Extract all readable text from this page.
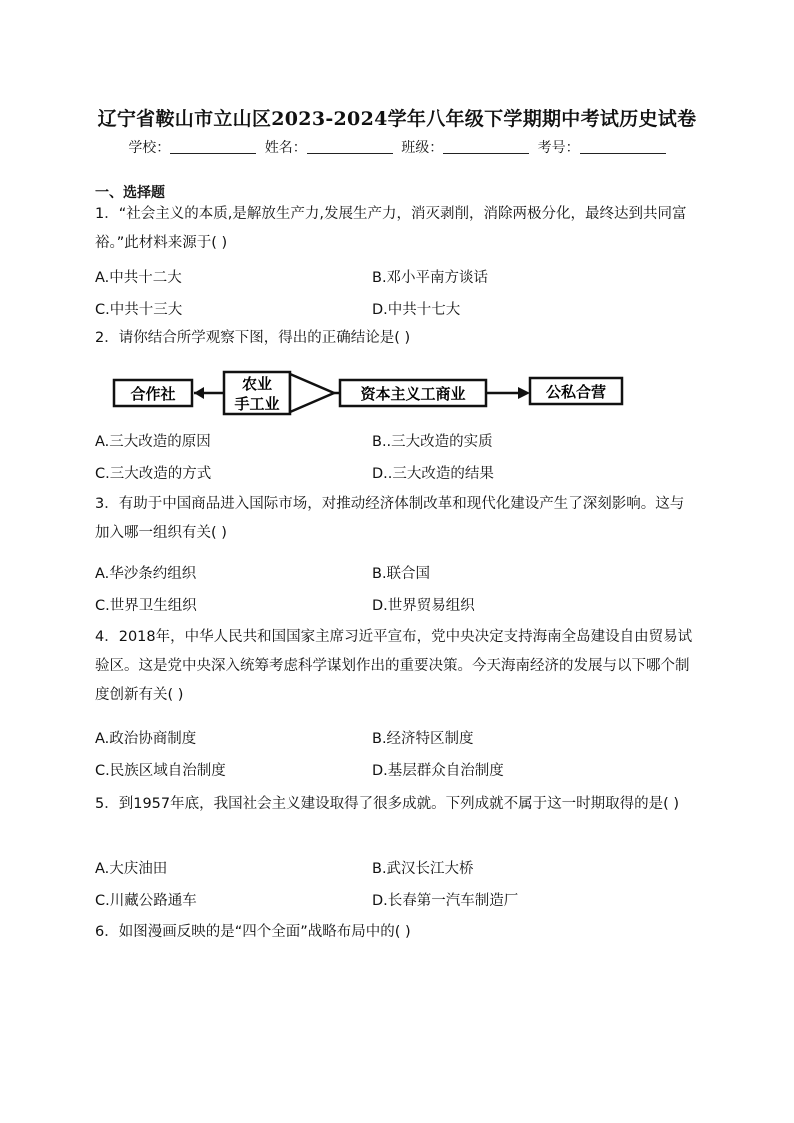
辽宁省鞍山市立山区2023-2024学年八年级下学期期中考试历史试卷
学校：	姓名：	班级：	考号：
一、选择题
1．“社会主义的本质,是解放生产力,发展生产力，消灭剥削，消除两极分化，最终达到共同富裕。”此材料来源于( )
A.中共十二大	B.邓小平南方谈话
C.中共十三大	D.中共十七大
2．请你结合所学观察下图，得出的正确结论是( )
合作社
农业
手工业
资本主义工商业	公私合营
A.三大改造的原因	B..三大改造的实质
C.三大改造的方式	D..三大改造的结果
3．有助于中国商品进入国际市场，对推动经济体制改革和现代化建设产生了深刻影响。这与加入哪一组织有关( )
A.华沙条约组织	B.联合国
C.世界卫生组织	D.世界贸易组织
4．2018年，中华人民共和国国家主席习近平宣布，党中央决定支持海南全岛建设自由贸易试验区。这是党中央深入统筹考虑科学谋划作出的重要决策。今天海南经济的发展与以下哪个制度创新有关( )
A.政治协商制度	B.经济特区制度
C.民族区域自治制度	D.基层群众自治制度
5．到1957年底，我国社会主义建设取得了很多成就。下列成就不属于这一时期取得的是( )
A.大庆油田	B.武汉长江大桥
C.川藏公路通车	D.长春第一汽车制造厂
6．如图漫画反映的是“四个全面”战略布局中的( )
